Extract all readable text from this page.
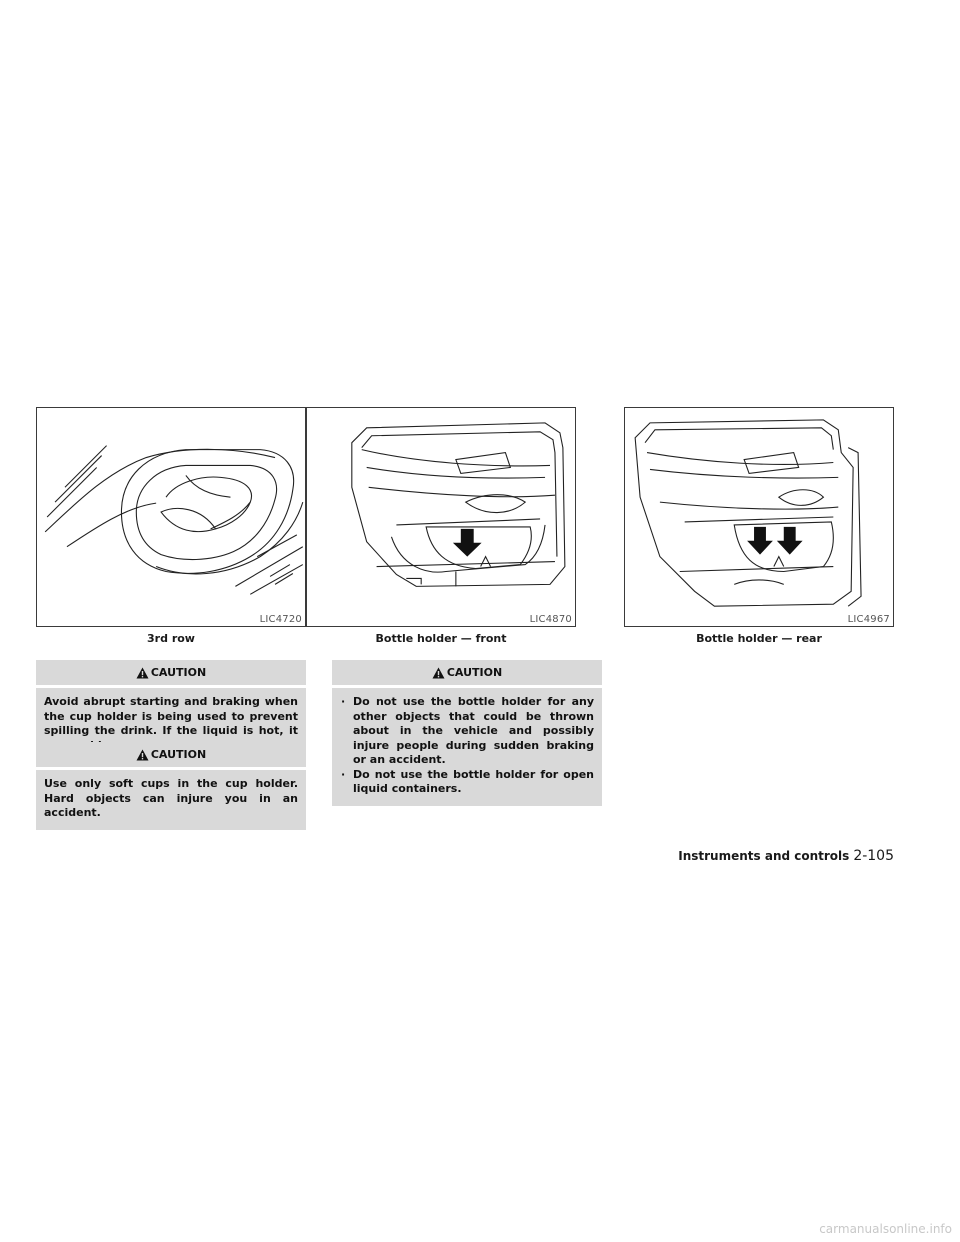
LIC4720
3rd row
LIC4870
Bottle holder — front
LIC4967
Bottle holder — rear
CAUTION
Avoid abrupt starting and braking when the cup holder is being used to prevent spilling the drink. If the liquid is hot, it
CAUTION
Use only soft cups in the cup holder. Hard objects can injure you in an accident.
CAUTION
· Do not use the bottle holder for any other objects that could be thrown about in the vehicle and possibly injure people during sudden braking or an accident.
· Do not use the bottle holder for open liquid containers.
Instruments and controls 2-105
carmanualsonline.info
